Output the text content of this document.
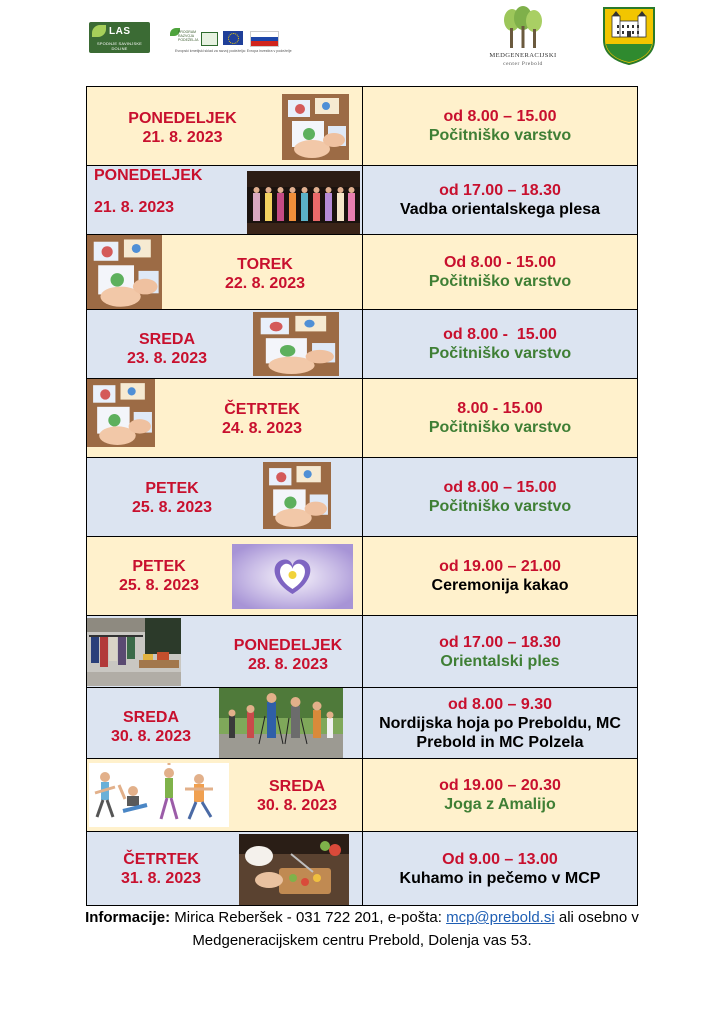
LAS
SPODNJE SAVINJSKE DOLINE
PROGRAM RAZVOJA PODEŽELJA
Evropski kmetijski sklad za razvoj podeželja: Evropa investira v podeželje
MEDGENERACIJSKI
center Prebold
PONEDELJEK
21. 8. 2023
od 8.00 – 15.00
Počitniško varstvo
PONEDELJEK
21. 8. 2023
od 17.00 – 18.30
Vadba orientalskega plesa
TOREK
22. 8. 2023
Od 8.00 - 15.00
Počitniško varstvo
SREDA
23. 8. 2023
od 8.00 -  15.00
Počitniško varstvo
ČETRTEK
24. 8. 2023
8.00 - 15.00
Počitniško varstvo
PETEK
25. 8. 2023
od 8.00 – 15.00
Počitniško varstvo
PETEK
25. 8. 2023
od 19.00 – 21.00
Ceremonija kakao
PONEDELJEK
28. 8. 2023
od 17.00 – 18.30
Orientalski ples
SREDA
30. 8. 2023
od 8.00 – 9.30
Nordijska hoja po Preboldu, MC
Prebold in MC Polzela
SREDA
30. 8. 2023
od 19.00 – 20.30
Joga z Amalijo
ČETRTEK
31. 8. 2023
Od 9.00 – 13.00
Kuhamo in pečemo v MCP
Informacije: Mirica Reberšek - 031 722 201, e-pošta: mcp@prebold.si ali osebno v
Medgeneracijskem centru Prebold, Dolenja vas 53.
